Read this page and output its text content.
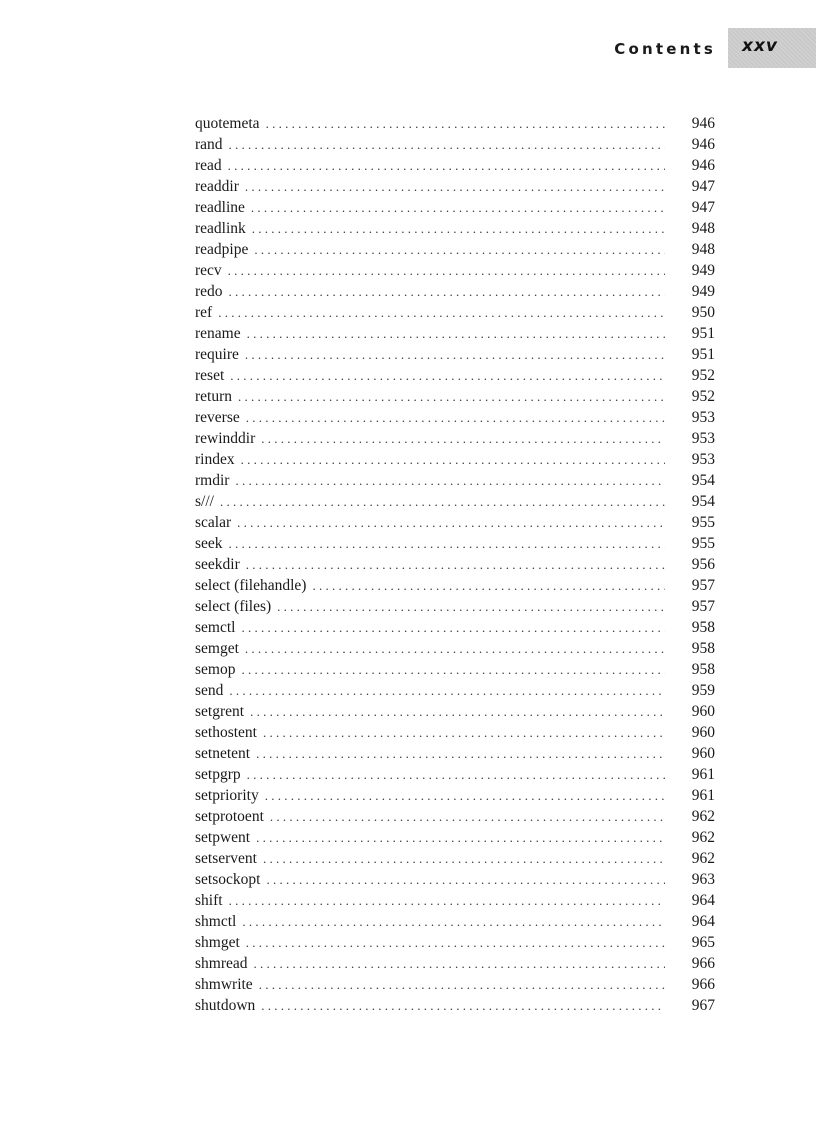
Contents xxv
quotemeta . . .	946
rand . . .	946
read . . .	946
readdir . . .	947
readline . . .	947
readlink . . .	948
readpipe . . .	948
recv . . .	949
redo . . .	949
ref . . .	950
rename . . .	951
require . . .	951
reset . . .	952
return . . .	952
reverse . . .	953
rewinddir . . .	953
rindex . . .	953
rmdir . . .	954
s/// . . .	954
scalar . . .	955
seek . . .	955
seekdir . . .	956
select (filehandle) . . .	957
select (files) . . .	957
semctl . . .	958
semget . . .	958
semop . . .	958
send . . .	959
setgrent . . .	960
sethostent . . .	960
setnetent . . .	960
setpgrp . . .	961
setpriority . . .	961
setprotoent . . .	962
setpwent . . .	962
setservent . . .	962
setsockopt . . .	963
shift . . .	964
shmctl . . .	964
shmget . . .	965
shmread . . .	966
shmwrite . . .	966
shutdown . . .	967
